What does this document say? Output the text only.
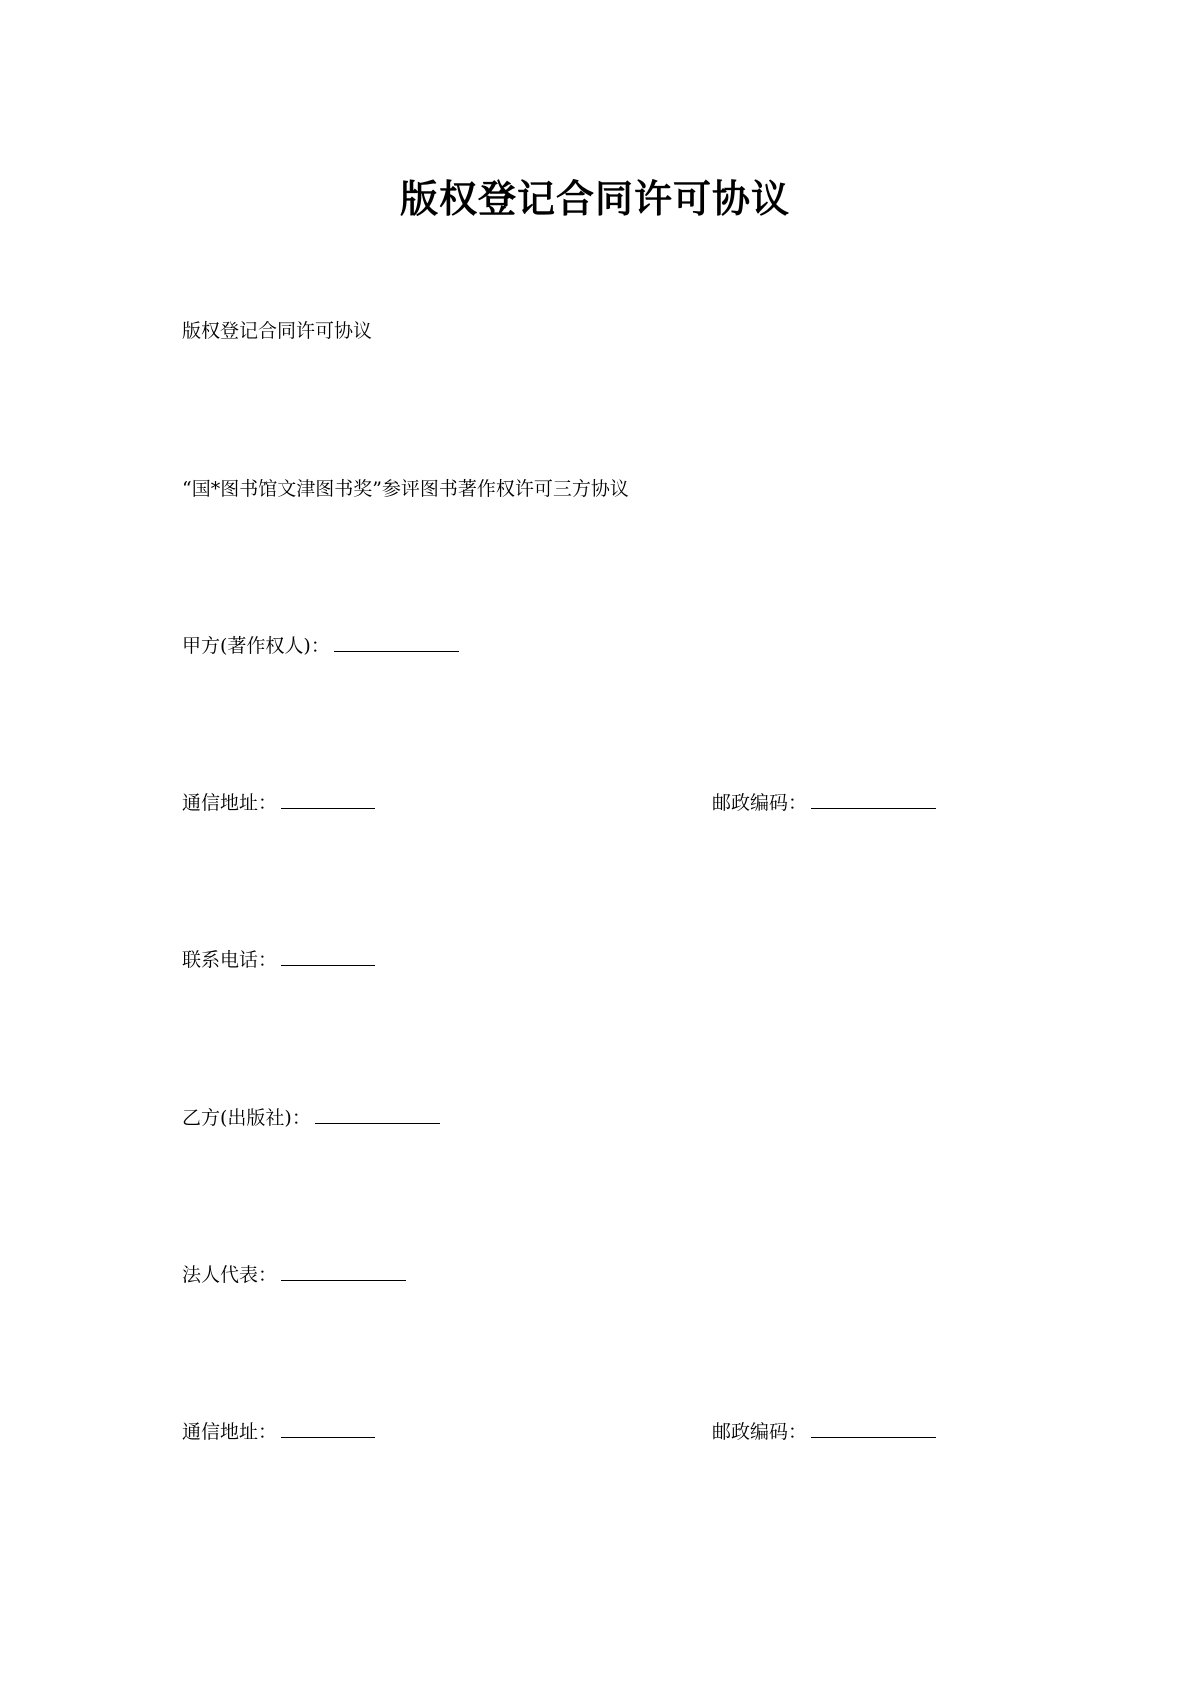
版权登记合同许可协议
版权登记合同许可协议
“国*图书馆文津图书奖”参评图书著作权许可三方协议
甲方(著作权人)：
通信地址：	邮政编码：
联系电话：
乙方(出版社)：
法人代表：
通信地址：	邮政编码：
